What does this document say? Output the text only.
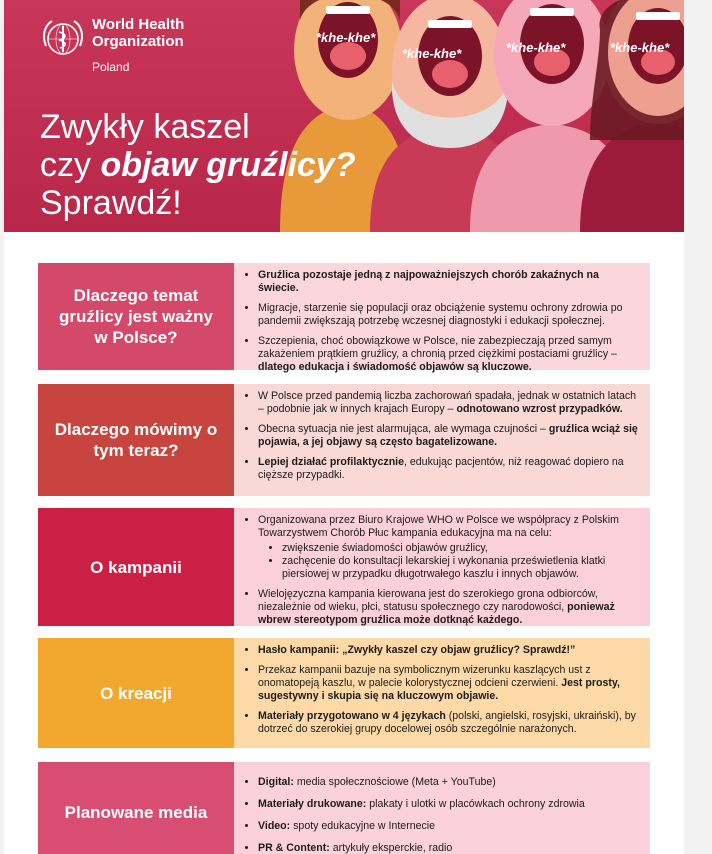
*khe-khe*
*khe-khe*	*khe-khe*	*khe-khe*
World Health
Organization
Poland
Zwykły kaszel
czy objaw gruźlicy?
Sprawdź!
Dlaczego temat gruźlicy jest ważny w Polsce?
• Gruźlica pozostaje jedną z najpoważniejszych chorób zakaźnych na świecie.
• Migracje, starzenie się populacji oraz obciążenie systemu ochrony zdrowia po pandemii zwiększają potrzebę wczesnej diagnostyki i edukacji społecznej.
• Szczepienia, choć obowiązkowe w Polsce, nie zabezpieczają przed samym zakażeniem prątkiem gruźlicy, a chronią przed ciężkimi postaciami gruźlicy – dlatego edukacja i świadomość objawów są kluczowe.
Dlaczego mówimy o tym teraz?
• W Polsce przed pandemią liczba zachorowań spadała, jednak w ostatnich latach – podobnie jak w innych krajach Europy – odnotowano wzrost przypadków.
• Obecna sytuacja nie jest alarmująca, ale wymaga czujności – gruźlica wciąż się pojawia, a jej objawy są często bagatelizowane.
• Lepiej działać profilaktycznie, edukując pacjentów, niż reagować dopiero na cięższe przypadki.
O kampanii
• Organizowana przez Biuro Krajowe WHO w Polsce we współpracy z Polskim Towarzystwem Chorób Płuc kampania edukacyjna ma na celu:
• zwiększenie świadomości objawów gruźlicy,
• zachęcenie do konsultacji lekarskiej i wykonania prześwietlenia klatki piersiowej w przypadku długotrwałego kaszlu i innych objawów.
• Wielojęzyczna kampania kierowana jest do szerokiego grona odbiorców, niezależnie od wieku, płci, statusu społecznego czy narodowości, ponieważ wbrew stereotypom gruźlica może dotknąć każdego.
O kreacji
• Hasło kampanii: „Zwykły kaszel czy objaw gruźlicy? Sprawdź!”
• Przekaz kampanii bazuje na symbolicznym wizerunku kaszlących ust z onomatopeją kaszlu, w palecie kolorystycznej odcieni czerwieni. Jest prosty, sugestywny i skupia się na kluczowym objawie.
• Materiały przygotowano w 4 językach (polski, angielski, rosyjski, ukraiński), by dotrzeć do szerokiej grupy docelowej osób szczególnie narażonych.
Planowane media
• Digital: media społecznościowe (Meta + YouTube)
• Materiały drukowane: plakaty i ulotki w placówkach ochrony zdrowia
• Video: spoty edukacyjne w Internecie
• PR & Content: artykuły eksperckie, radio
